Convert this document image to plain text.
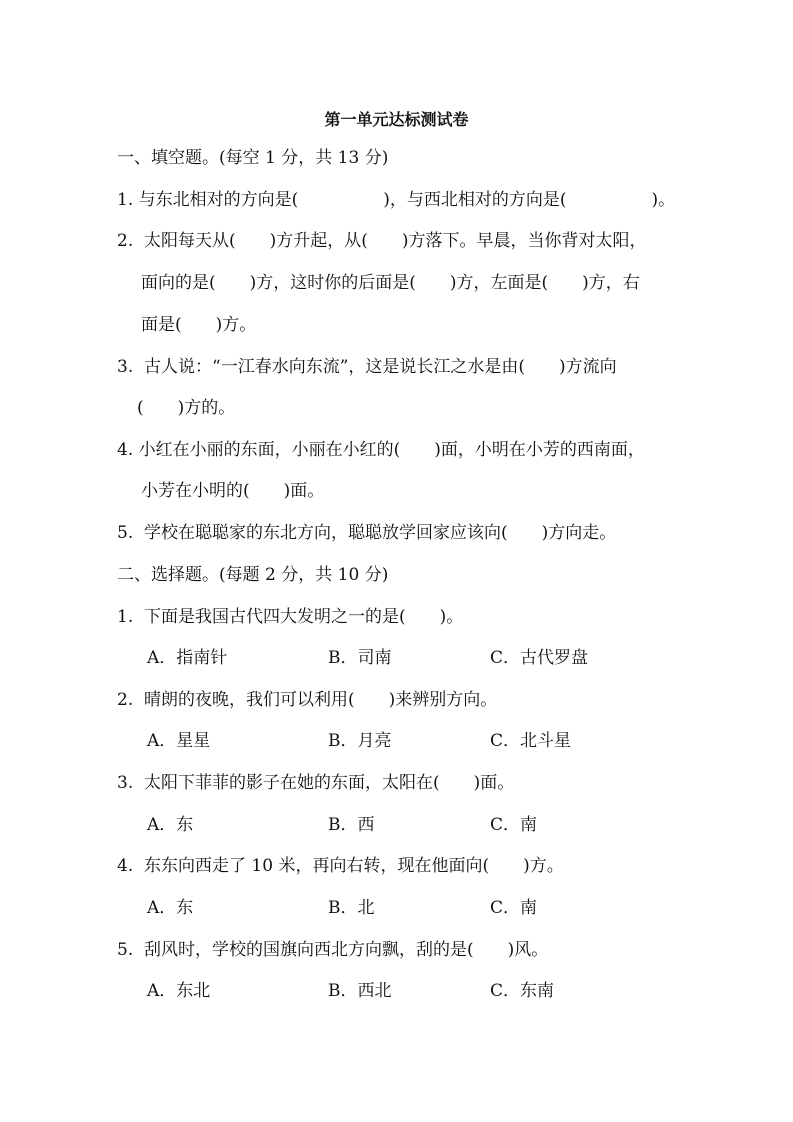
第一单元达标测试卷
一、填空题。(每空 1 分，共 13 分)
1. 与东北相对的方向是(　　　　　)，与西北相对的方向是(　　　　　)。
2.  太阳每天从(　　)方升起，从(　　)方落下。早晨，当你背对太阳，
面向的是(　　)方，这时你的后面是(　　)方，左面是(　　)方，右
面是(　　)方。
3.  古人说：“一江春水向东流”，这是说长江之水是由(　　)方流向
(　　)方的。
4. 小红在小丽的东面，小丽在小红的(　　)面，小明在小芳的西南面，
小芳在小明的(　　)面。
5.  学校在聪聪家的东北方向，聪聪放学回家应该向(　　)方向走。
二、选择题。(每题 2 分，共 10 分)
1.  下面是我国古代四大发明之一的是(　　)。
A．指南针	B．司南	C．古代罗盘
2.  晴朗的夜晚，我们可以利用(　　)来辨别方向。
A．星星	B．月亮	C．北斗星
3.  太阳下菲菲的影子在她的东面，太阳在(　　)面。
A．东	B．西	C．南
4.  东东向西走了 10 米，再向右转，现在他面向(　　)方。
A．东	B．北	C．南
5.  刮风时，学校的国旗向西北方向飘，刮的是(　　)风。
A．东北	B．西北	C．东南
